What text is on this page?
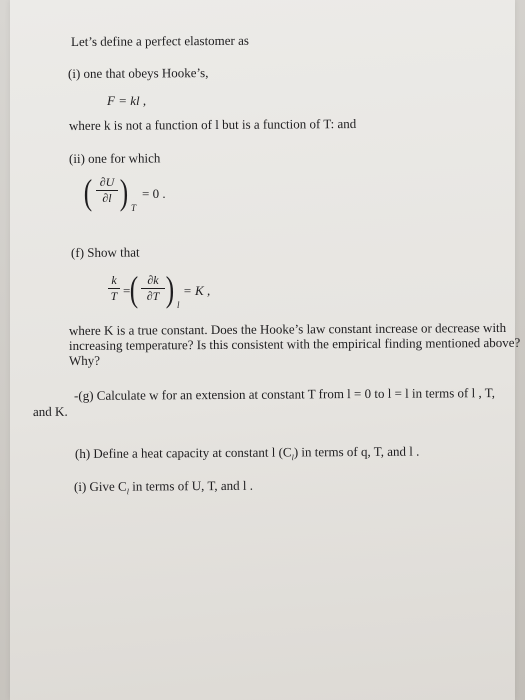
Let’s define a perfect elastomer as
(i) one that obeys Hooke’s,
F = kl ,
where k is not a function of l but is a function of T: and
(ii) one for which
( ∂U
∂l ) T
= 0 .
(f) Show that
k
T = ( ∂k
∂T ) l
= K ,
where K is a true constant. Does the Hooke’s law constant increase or decrease with
increasing temperature? Is this consistent with the empirical finding mentioned above?
Why?
-(g) Calculate w for an extension at constant T from l = 0 to l = l in terms of l , T,
and K.
(h) Define a heat capacity at constant l $(C_l)$ in terms of q, T, and l .
(i) Give $C_l$ in terms of U, T, and l .
